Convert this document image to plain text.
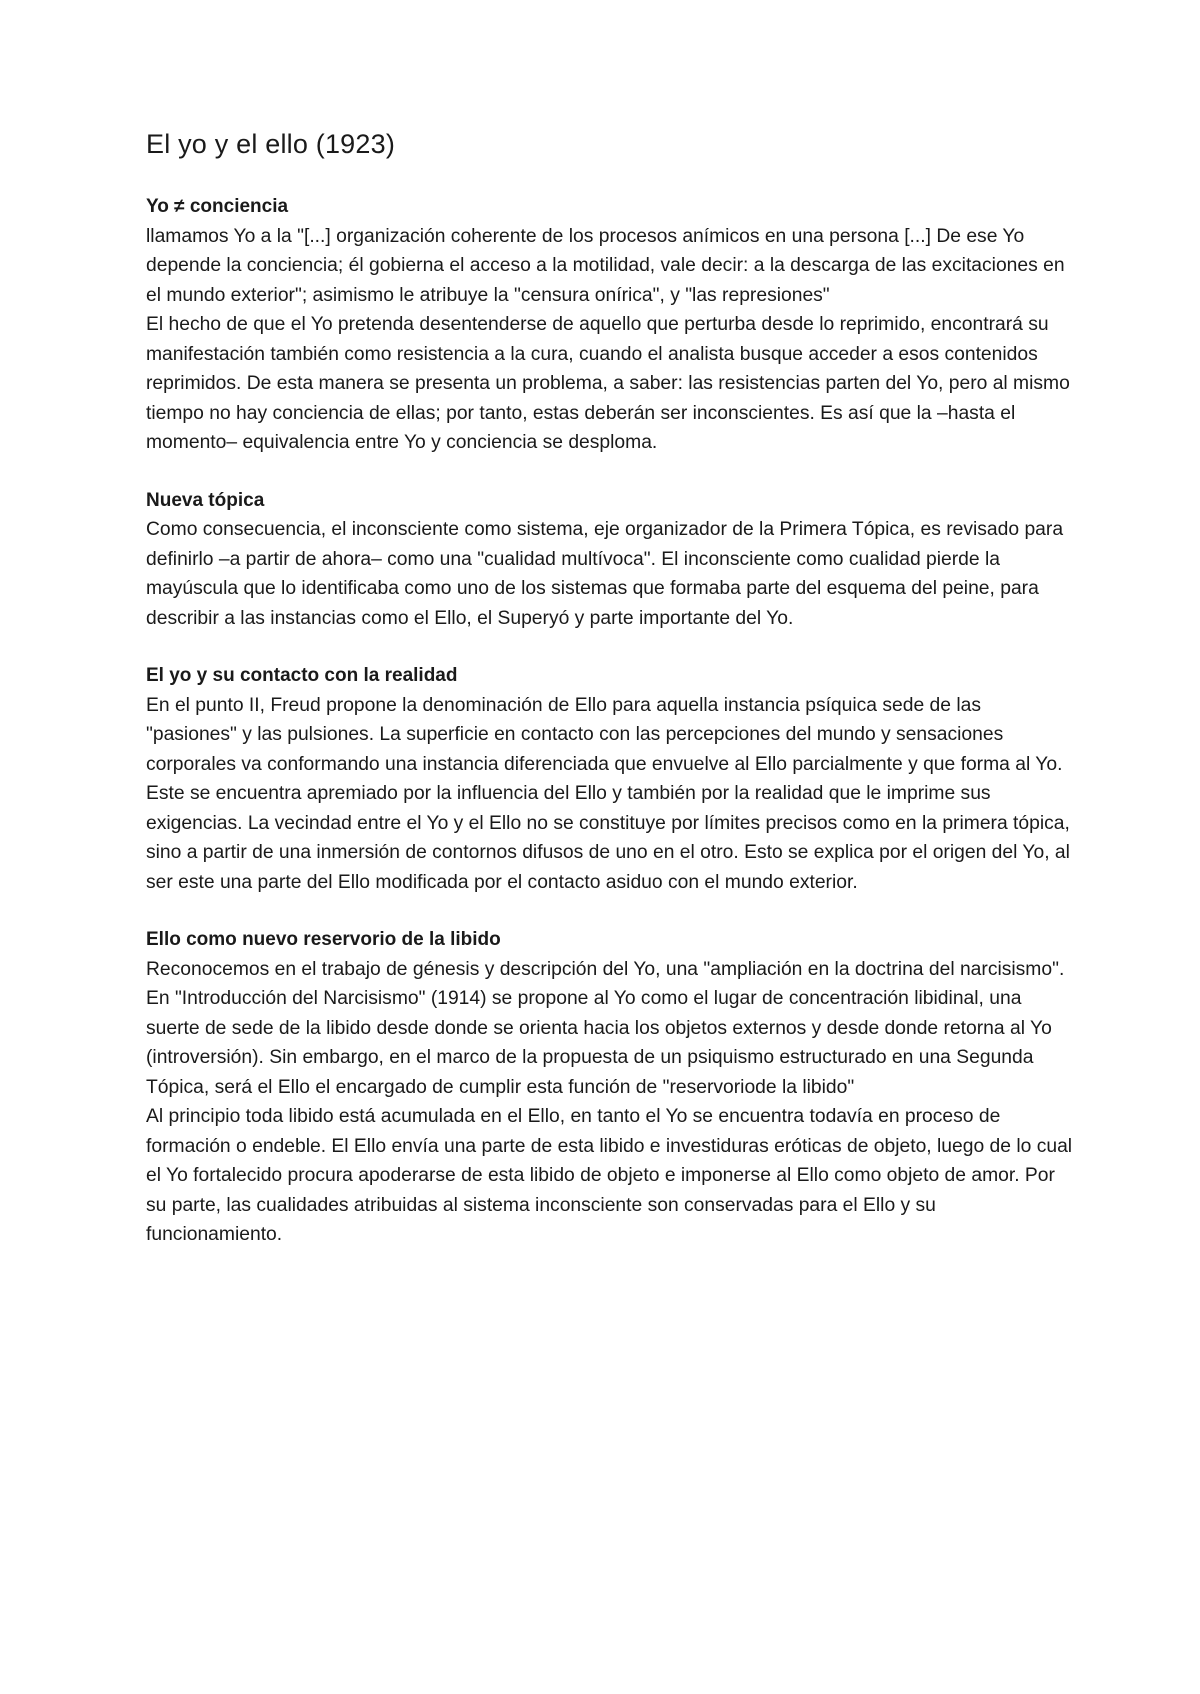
El yo y el ello (1923)

Yo ≠ conciencia

llamamos Yo a la "[...] organización coherente de los procesos anímicos en una persona [...] De ese Yo depende la conciencia; él gobierna el acceso a la motilidad, vale decir: a la descarga de las excitaciones en el mundo exterior"; asimismo le atribuye la "censura onírica", y "las represiones"

El hecho de que el Yo pretenda desentenderse de aquello que perturba desde lo reprimido, encontrará su manifestación también como resistencia a la cura, cuando el analista busque acceder a esos contenidos reprimidos. De esta manera se presenta un problema, a saber: las resistencias parten del Yo, pero al mismo tiempo no hay conciencia de ellas; por tanto, estas deberán ser inconscientes. Es así que la –hasta el momento– equivalencia entre Yo y conciencia se desploma.

Nueva tópica

Como consecuencia, el inconsciente como sistema, eje organizador de la Primera Tópica, es revisado para definirlo –a partir de ahora– como una "cualidad multívoca". El inconsciente como cualidad pierde la mayúscula que lo identificaba como uno de los sistemas que formaba parte del esquema del peine, para describir a las instancias como el Ello, el Superyó y parte importante del Yo.

El yo y su contacto con la realidad

En el punto II, Freud propone la denominación de Ello para aquella instancia psíquica sede de las "pasiones" y las pulsiones. La superficie en contacto con las percepciones del mundo y sensaciones corporales va conformando una instancia diferenciada que envuelve al Ello parcialmente y que forma al Yo. Este se encuentra apremiado por la influencia del Ello y también por la realidad que le imprime sus exigencias. La vecindad entre el Yo y el Ello no se constituye por límites precisos como en la primera tópica, sino a partir de una inmersión de contornos difusos de uno en el otro. Esto se explica por el origen del Yo, al ser este una parte del Ello modificada por el contacto asiduo con el mundo exterior.

Ello como nuevo reservorio de la libido

Reconocemos en el trabajo de génesis y descripción del Yo, una "ampliación en la doctrina del narcisismo". En "Introducción del Narcisismo" (1914) se propone al Yo como el lugar de concentración libidinal, una suerte de sede de la libido desde donde se orienta hacia los objetos externos y desde donde retorna al Yo (introversión). Sin embargo, en el marco de la propuesta de un psiquismo estructurado en una Segunda Tópica, será el Ello el encargado de cumplir esta función de "reservoriode la libido"

Al principio toda libido está acumulada en el Ello, en tanto el Yo se encuentra todavía en proceso de formación o endeble. El Ello envía una parte de esta libido e investiduras eróticas de objeto, luego de lo cual el Yo fortalecido procura apoderarse de esta libido de objeto e imponerse al Ello como objeto de amor. Por su parte, las cualidades atribuidas al sistema inconsciente son conservadas para el Ello y su funcionamiento.
